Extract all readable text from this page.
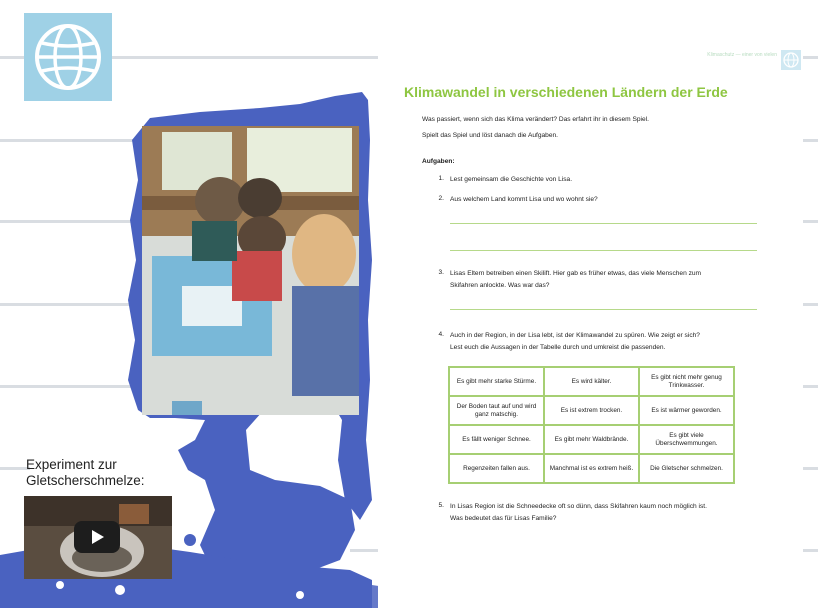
Experiment zur
Gletscherschmelze:
Klimaschutz — einer von vielen
Klimawandel in verschiedenen Ländern der Erde
Was passiert, wenn sich das Klima verändert? Das erfahrt ihr in diesem Spiel.
Spielt das Spiel und löst danach die Aufgaben.
Aufgaben:
1. Lest gemeinsam die Geschichte von Lisa.
2. Aus welchem Land kommt Lisa und wo wohnt sie?
3. Lisas Eltern betreiben einen Skilift. Hier gab es früher etwas, das viele Menschen zum
Skifahren anlockte. Was war das?
4. Auch in der Region, in der Lisa lebt, ist der Klimawandel zu spüren. Wie zeigt er sich?
Lest euch die Aussagen in der Tabelle durch und umkreist die passenden.
Es gibt mehr starke Stürme.	Es wird kälter.	Es gibt nicht mehr genug Trinkwasser.
Der Boden taut auf und wird ganz matschig.	Es ist extrem trocken.	Es ist wärmer geworden.
Es fällt weniger Schnee.	Es gibt mehr Waldbrände.	Es gibt viele Überschwemmungen.
Regenzeiten fallen aus.	Manchmal ist es extrem heiß.	Die Gletscher schmelzen.
5. In Lisas Region ist die Schneedecke oft so dünn, dass Skifahren kaum noch möglich ist.
Was bedeutet das für Lisas Familie?
